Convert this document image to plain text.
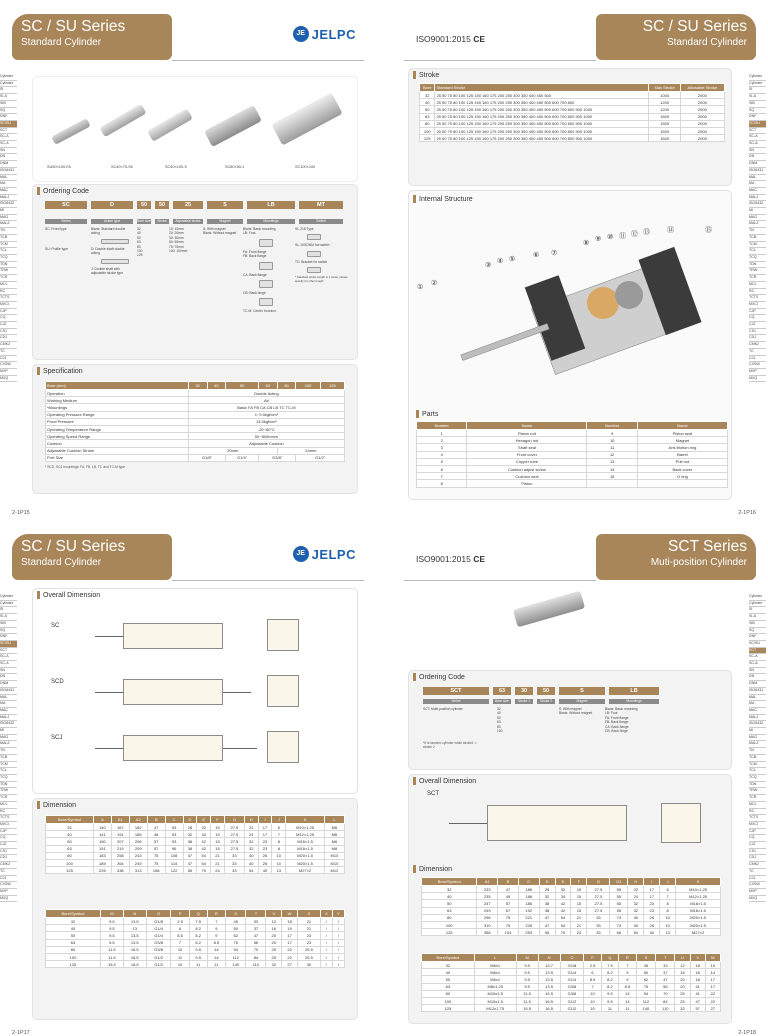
SC / SU Series
Standard Cylinder
JE JELPC
SU50×100-FA	SC40×75-S0	SC40×100-S	SC80×50-1	SC100×100
Ordering Code
SC	D	50	50	25	S	LB	MT
Series	Action type	Bore size	Stroke	Adjustable stroke	Magnet	Mountings	Switch
SC: Fixed type
SU: Profile type
Blank: Standard double acting
D: Double shaft double acting
J: Double shaft with adjustable stroke type
32
40
50
63
80
100
125
10: 10mm
20: 20mm
30: 30mm
50: 50mm
75: 75mm
100: 100mm
S: With magnet
Blank: Without magnet
Blank: Basic mounting
LB: Foot
FA: Front flange
FB: Back flange
CA: Back flange
CB: Back hinge
TC-M: Center trunnion
SL-218 Type
SL-103CWM hot switch
TC: Bracket for switch
* Standard stroke length is 1 meter, please specify for other length
Specification
Bore (mm)	32	40	50	63	80	100	125
Operation	Double Acting						
Working Medium	Air						
*Mountings	Basic FA FB CA CB LB TC TC-M						
Operating Pressure Range	1~9.0kgf/cm²						
Proof Pressure	13.5kgf/cm²						
Operating Temperature Range	-20~80°C						
Operating Speed Range	50~800mm/s						
Cushion	Adjustable Cushion						
Adjustable Cushion Stroke	20mm				24mm		
Port Size	G1/8"		G1/4"	G3/8"		G1/2"	
* SCD, SCJ mountings: FA, FB, LB, TC and TC-M type
2-1P15
Cylinder
Cylinder
SI
SI-A
SIB
SQ
DNF
SC/SU
SCT
SC-A
SC-A
SN
DN
DNM
ISO6431
MAL
MA
MAC
MALJ
ISO6432
MI
MAG
MALZ
TN
TCB
TCM
TCL
TCQ
TDN
TRW
TCR
MCL
RC
TCTS
MXCI
CJP
CQ
CJ2
CS1
CDJ
CMK2
TC
CJ1
CXSW
MXP
MXQ
ISO9001:2015 CE
SC / SU Series
Standard Cylinder
Stroke
Bore	Standard Stroke	Max Stroke	Allowable Stroke
32	25 50 75 80 100 125 150 160 175 200 250 300 350 400 450 500	1000	2000
40	25 50 75 80 100 125 150 160 175 200 250 300 350 400 450 500 600 700 800	1200	2000
50	25 50 75 80 100 125 150 160 175 200 250 300 350 400 450 500 600 700 800 900 1000	1200	2000
63	25 50 75 80 100 125 150 160 175 200 250 300 350 400 450 500 600 700 800 900 1000	1500	2000
80	25 50 75 80 100 125 150 160 175 200 250 300 350 400 450 500 600 700 800 900 1000	1500	2000
100	25 50 75 80 100 125 150 160 175 200 250 300 350 400 450 500 600 700 800 900 1000	1500	2000
125	25 50 75 80 100 125 150 160 175 200 250 300 350 400 450 500 600 700 800 900 1000	1500	2000
Internal Structure
①
②
③
④ ⑤
⑥ ⑦
⑧
⑨ ⑩ ⑪ ⑫ ⑬ ⑭	⑮
Parts
Number	Name	Number	Name
1	Piston rod	9	Piston seal
2	Hexagon nut	10	Magnet
3	Shaft seal	11	Anti-friction ring
4	Front cover	12	Barrel
5	Copper tube	13	Pull rod
6	Cushion adjust screw	14	Back cover
7	Cushion seal	15	O ring
8	Piston		
2-1P16
Cylinder
Cylinder
SI
SI-A
SIB
SQ
DNF
SC/SU
SCT
SC-A
SC-A
SN
DN
DNM
ISO6431
MAL
MA
MAC
MALJ
ISO6432
MI
MAG
MALZ
TN
TCB
TCM
TCL
TCQ
TDN
TRW
TCR
MCL
RC
TCTS
MXCI
CJP
CQ
CJ2
CS1
CDJ
CMK2
TC
CJ1
CXSW
MXP
MXQ
SC / SU Series
Standard Cylinder
JE JELPC
Overall Dimension
SC
SCD
SCJ
Dimension
Bore/Symbol	A	A1	A2	B	C	D	E	F	G	H	I	J	K	L
32	140	167	182	47	93	28	32	15	27.5	22	17	6	M10×1.25	M6
40	141	191	185	48	93	32	34	15	27.5	24	17	7	M12×1.25	M6
50	150	207	206	57	93	38	42	15	27.5	32	23	8	M16×1.5	M6
63	151	219	209	57	96	38	42	15	27.5	32	23	8	M16×1.5	M8
80	183	258	243	75	108	47	54	21	33	40	26	10	M20×1.5	M10
100	189	264	249	75	114	47	54	21	33	40	26	10	M20×1.5	M10
125	226	338	313	108	122	55	70	24	33	54	40	13	M27×2	M12
Bore/Symbol	M	N	O	P	Q	R	S	T	V	W	Z	X	Y
32	9.5	13.5	G1/8	2.5	7.5	7	45	33	12	18	21	/	/
40	9.5	13	G1/4	6	8.2	9	50	37	16	19	21	/	/
50	9.5	13.5	G1/4	8.5	8.2	9	62	47	20	17	23	/	/
63	9.5	13.5	G3/8	7	8.2	8.5	75	56	20	17	23	/	/
80	11.5	16.5	G3/8	10	9.5	14	94	70	25	22	25.5	/	/
100	11.5	16.5	G1/2	11	9.5	14	112	84	25	22	25.5	/	/
125	15.5	16.5	G1/2	10	11	11	140	110	32	27	30	/	/
2-1P17
Cylinder
Cylinder
SI
SI-A
SIB
SQ
DNF
SC/SU
SCT
SC-A
SC-A
SN
DN
DNM
ISO6431
MAL
MA
MAC
MALJ
ISO6432
MI
MAG
MALZ
TN
TCB
TCM
TCL
TCQ
TDN
TRW
TCR
MCL
RC
TCTS
MXCI
CJP
CQ
CJ2
CS1
CDJ
CMK2
TC
CJ1
CXSW
MXP
MXQ
ISO9001:2015 CE
SCT Series
Muti-position Cylinder
Ordering Code
SCT	63	30	50	S	LB
Series	Bore size	Stroke 1	Stroke 2	Magnet	Mountings
SCT: Multi-position cylinder	32
40
50
63
80
100
S: With magnet
Blank: Without magnet
Blank: Basic mounting
LB: Foot
FA: Front flange
FB: Back flange
CA: Back flange
CB: Back hinge
*It is tandem cylinder while stroke1 < stroke 2
Overall Dimension
SCT
Dimension
Bore/Symbol	A1	B	C	D	E	F	G	G1	H	I	J	K
32	233	47	186	28	32	15	27.5	55	22	17	6	M10×1.25
40	235	49	186	32	34	15	27.5	55	24	17	7	M12×1.25
50	247	57	186	38	42	15	27.5	55	32	23	8	M16×1.5
63	249	57	192	38	42	15	27.5	55	32	23	8	M16×1.5
80	296	75	221	47	54	21	33	73	40	26	10	M20×1.5
100	310	75	235	47	54	21	33	73	40	26	10	M20×1.5
125	358	104	253	55	70	24	33	66	54	40	13	M27×2
Bore/Symbol	L	M	N	O	P	Q	R	S	T	U	V	W
32	M6x1	9.5	13.7	G1/8	2.5	7.5	7	45	33	12	18	10
40	M6x1	9.5	13.5	G1/4	6	8.2	9	50	37	16	18	14
50	M6x1	9.5	13.5	G1/4	8.5	8.2	9	62	47	20	18	17
63	M8x1.25	9.5	13.5	G3/8	7	8.2	8.5	75	56	20	41	17
80	M10x1.5	11.5	16.5	G3/8	10	9.5	14	94	70	25	41	22
100	M10x1.5	11.5	16.5	G1/2	10	9.5	14	112	84	25	47	22
125	M12x1.75	15.5	16.5	G1/2	10	11	11	140	110	32	57	27
2-1P18
Cylinder
Cylinder
SI
SI-A
SIB
SQ
DNF
SC/SU
SCT
SC-A
SC-A
SN
DN
DNM
ISO6431
MAL
MA
MAC
MALJ
ISO6432
MI
MAG
MALZ
TN
TCB
TCM
TCL
TCQ
TDN
TRW
TCR
MCL
RC
TCTS
MXCI
CJP
CQ
CJ2
CS1
CDJ
CMK2
TC
CJ1
CXSW
MXP
MXQ
